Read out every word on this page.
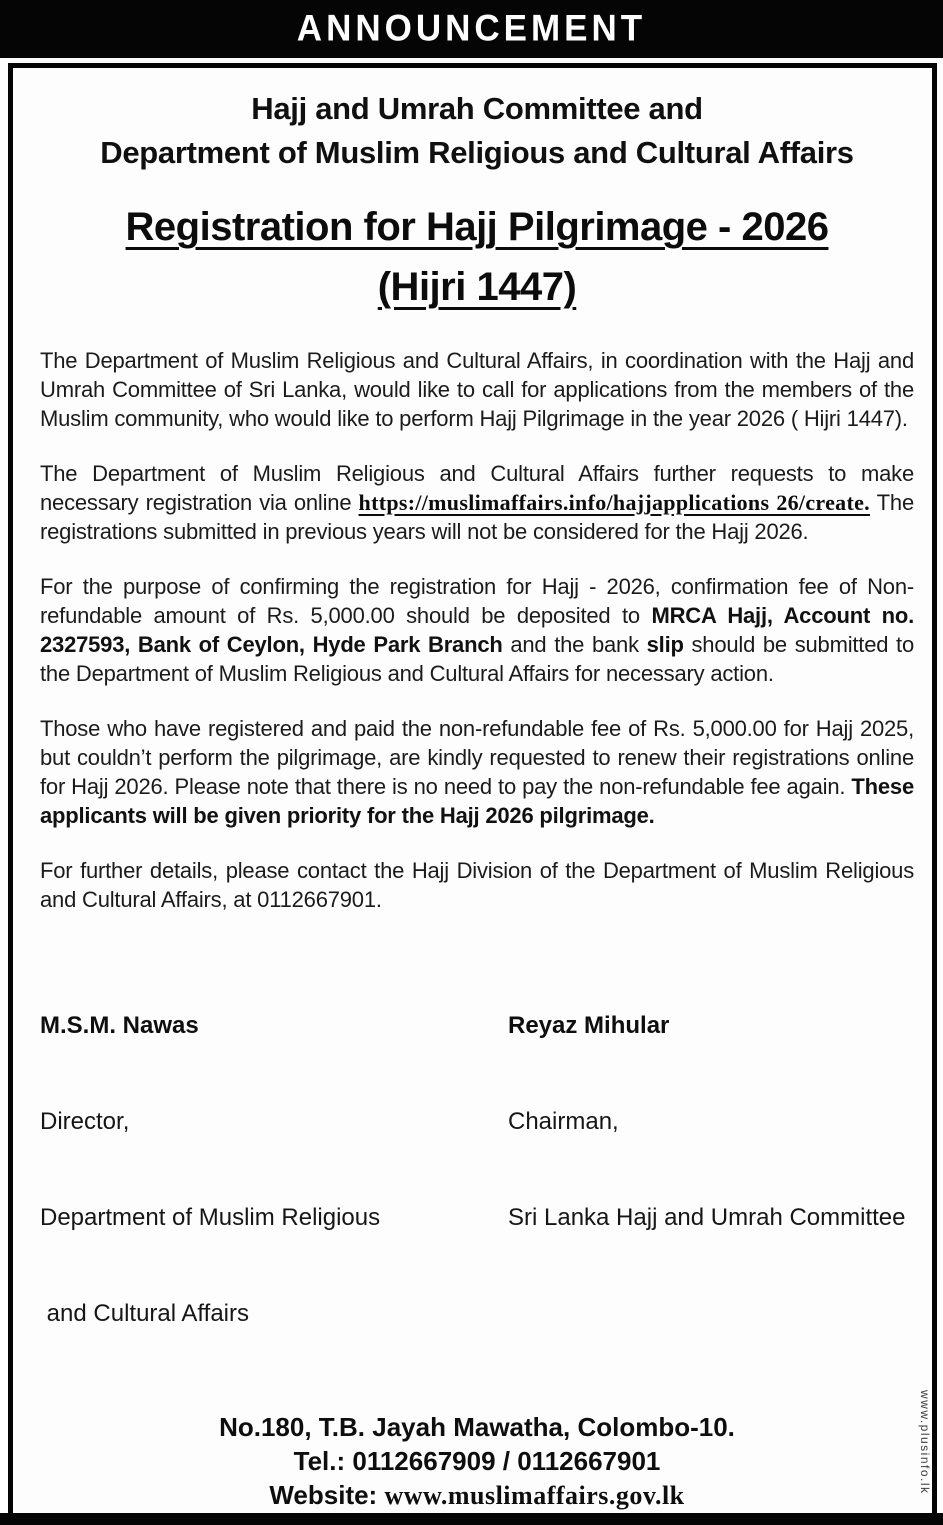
ANNOUNCEMENT
Hajj and Umrah Committee and
Department of Muslim Religious and Cultural Affairs
Registration for Hajj Pilgrimage - 2026
(Hijri 1447)

The Department of Muslim Religious and Cultural Affairs, in coordination with the Hajj and Umrah Committee of Sri Lanka, would like to call for applications from the members of the Muslim community, who would like to perform Hajj Pilgrimage in the year 2026 ( Hijri 1447).

The Department of Muslim Religious and Cultural Affairs further requests to make necessary registration via online https://muslimaffairs.info/hajjapplications 26/create. The registrations submitted in previous years will not be considered for the Hajj 2026.

For the purpose of confirming the registration for Hajj - 2026, confirmation fee of Non-refundable amount of Rs. 5,000.00 should be deposited to MRCA Hajj, Account no. 2327593, Bank of Ceylon, Hyde Park Branch and the bank slip should be submitted to the Department of Muslim Religious and Cultural Affairs for necessary action.

Those who have registered and paid the non-refundable fee of Rs. 5,000.00 for Hajj 2025, but couldn’t perform the pilgrimage, are kindly requested to renew their registrations online for Hajj 2026. Please note that there is no need to pay the non-refundable fee again. These applicants will be given priority for the Hajj 2026 pilgrimage.

For further details, please contact the Hajj Division of the Department of Muslim Religious and Cultural Affairs, at 0112667901.

M.S.M. Nawas

Director,

Department of Muslim Religious

and Cultural Affairs

Reyaz Mihular

Chairman,

Sri Lanka Hajj and Umrah Committee

No.180, T.B. Jayah Mawatha, Colombo-10.
Tel.: 0112667909 / 0112667901
Website: www.muslimaffairs.gov.lk
www.plusinfo.lk
